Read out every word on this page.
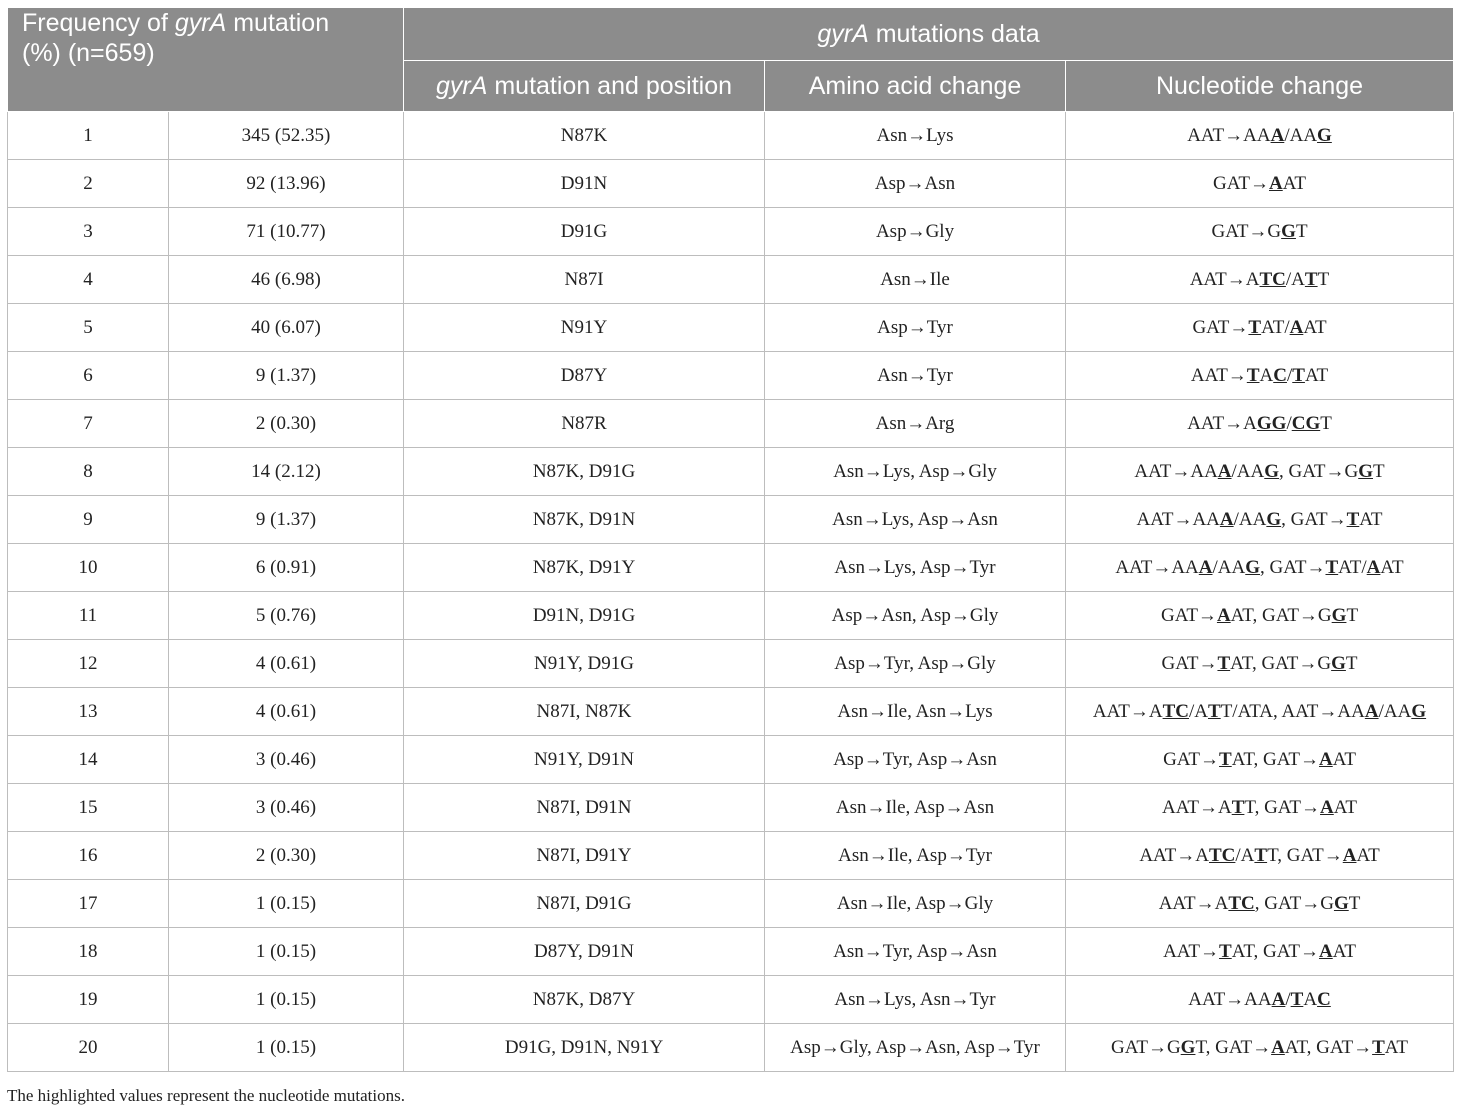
Frequency of gyrA mutation
(%) (n=659)		gyrA mutations data		
		gyrA mutation and position	Amino acid change	Nucleotide change
1	345 (52.35)	N87K	Asn→Lys	AAT→AAA/AAG
2	92 (13.96)	D91N	Asp→Asn	GAT→AAT
3	71 (10.77)	D91G	Asp→Gly	GAT→GGT
4	46 (6.98)	N87I	Asn→Ile	AAT→ATC/ATT
5	40 (6.07)	N91Y	Asp→Tyr	GAT→TAT/AAT
6	9 (1.37)	D87Y	Asn→Tyr	AAT→TAC/TAT
7	2 (0.30)	N87R	Asn→Arg	AAT→AGG/CGT
8	14 (2.12)	N87K, D91G	Asn→Lys, Asp→Gly	AAT→AAA/AAG, GAT→GGT
9	9 (1.37)	N87K, D91N	Asn→Lys, Asp→Asn	AAT→AAA/AAG, GAT→TAT
10	6 (0.91)	N87K, D91Y	Asn→Lys, Asp→Tyr	AAT→AAA/AAG, GAT→TAT/AAT
11	5 (0.76)	D91N, D91G	Asp→Asn, Asp→Gly	GAT→AAT, GAT→GGT
12	4 (0.61)	N91Y, D91G	Asp→Tyr, Asp→Gly	GAT→TAT, GAT→GGT
13	4 (0.61)	N87I, N87K	Asn→Ile, Asn→Lys	AAT→ATC/ATT/ATA, AAT→AAA/AAG
14	3 (0.46)	N91Y, D91N	Asp→Tyr, Asp→Asn	GAT→TAT, GAT→AAT
15	3 (0.46)	N87I, D91N	Asn→Ile, Asp→Asn	AAT→ATT, GAT→AAT
16	2 (0.30)	N87I, D91Y	Asn→Ile, Asp→Tyr	AAT→ATC/ATT, GAT→AAT
17	1 (0.15)	N87I, D91G	Asn→Ile, Asp→Gly	AAT→ATC, GAT→GGT
18	1 (0.15)	D87Y, D91N	Asn→Tyr, Asp→Asn	AAT→TAT, GAT→AAT
19	1 (0.15)	N87K, D87Y	Asn→Lys, Asn→Tyr	AAT→AAA/TAC
20	1 (0.15)	D91G, D91N, N91Y	Asp→Gly, Asp→Asn, Asp→Tyr	GAT→GGT, GAT→AAT, GAT→TAT
The highlighted values represent the nucleotide mutations.
